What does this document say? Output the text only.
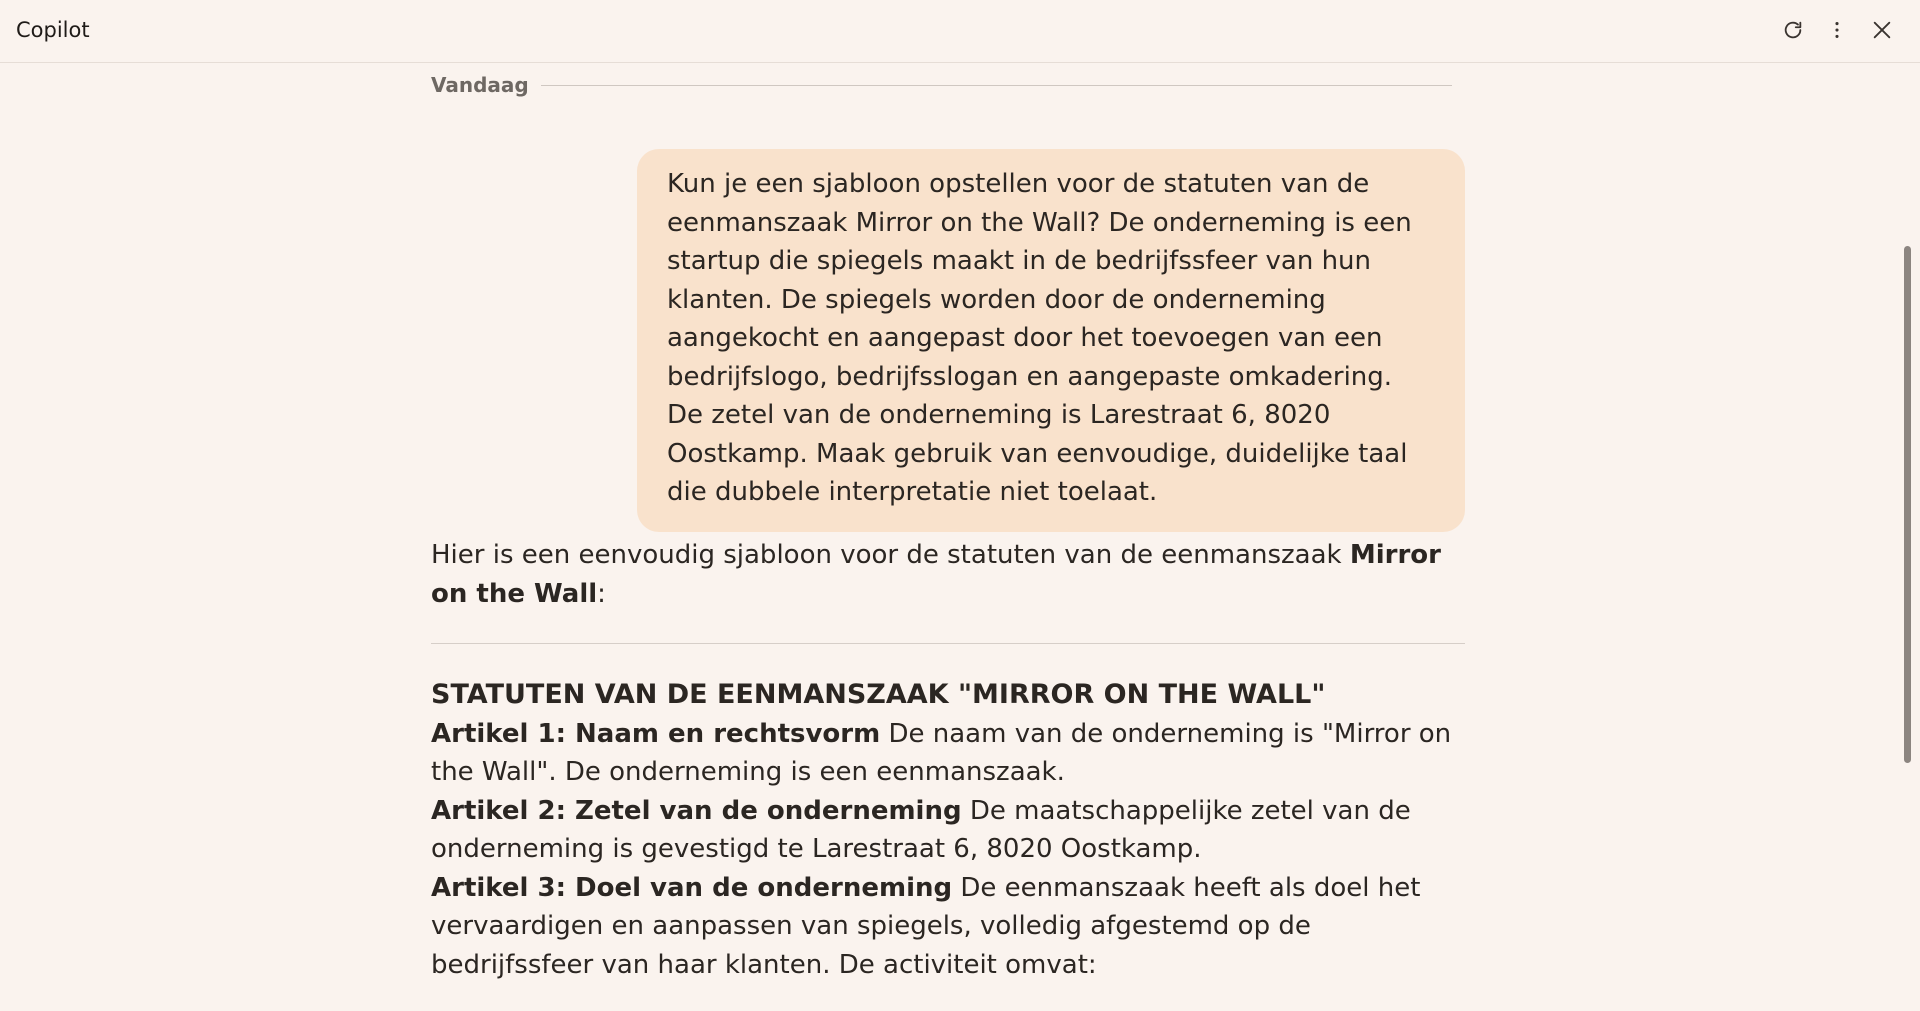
Copilot
Vandaag
Kun je een sjabloon opstellen voor de statuten van de eenmanszaak Mirror on the Wall? De onderneming is een startup die spiegels maakt in de bedrijfssfeer van hun klanten. De spiegels worden door de onderneming aangekocht en aangepast door het toevoegen van een bedrijfslogo, bedrijfsslogan en aangepaste omkadering. De zetel van de onderneming is Larestraat 6, 8020 Oostkamp. Maak gebruik van eenvoudige, duidelijke taal die dubbele interpretatie niet toelaat.

Hier is een eenvoudig sjabloon voor de statuten van de eenmanszaak Mirror on the Wall:

STATUTEN VAN DE EENMANSZAAK "MIRROR ON THE WALL"

Artikel 1: Naam en rechtsvorm De naam van de onderneming is "Mirror on the Wall". De onderneming is een eenmanszaak.

Artikel 2: Zetel van de onderneming De maatschappelijke zetel van de onderneming is gevestigd te Larestraat 6, 8020 Oostkamp.

Artikel 3: Doel van de onderneming De eenmanszaak heeft als doel het vervaardigen en aanpassen van spiegels, volledig afgestemd op de bedrijfssfeer van haar klanten. De activiteit omvat:
